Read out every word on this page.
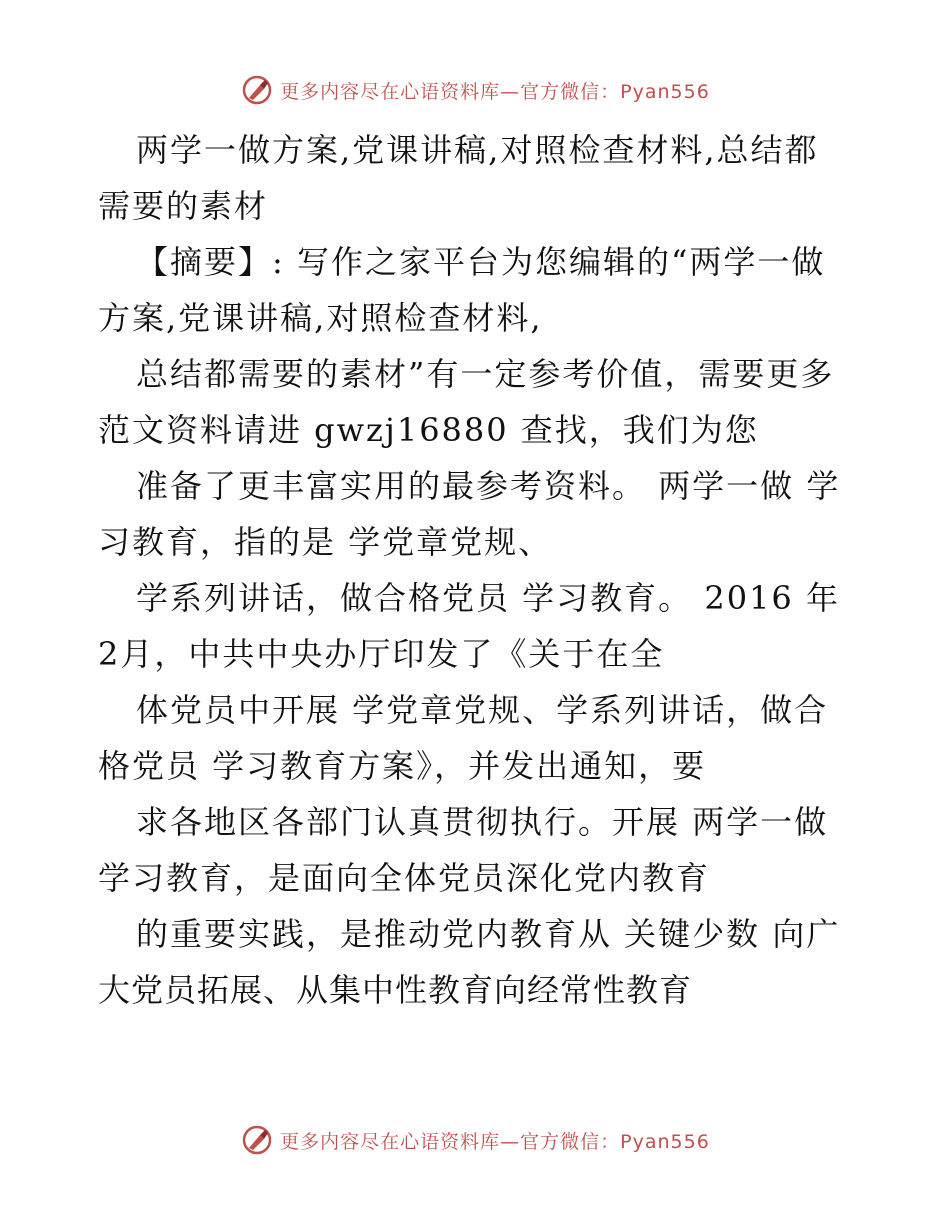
更多内容尽在心语资料库—官方微信：Pyan556
两学一做方案,党课讲稿,对照检查材料,总结都
需要的素材
【摘要】: 写作之家平台为您编辑的“两学一做
方案,党课讲稿,对照检查材料,
总结都需要的素材”有一定参考价值，需要更多
范文资料请进 gwzj16880 查找，我们为您
准备了更丰富实用的最参考资料。 两学一做 学
习教育，指的是 学党章党规、
学系列讲话，做合格党员 学习教育。 2016 年
2月，中共中央办厅印发了《关于在全
体党员中开展 学党章党规、学系列讲话，做合
格党员 学习教育方案》，并发出通知，要
求各地区各部门认真贯彻执行。开展 两学一做
学习教育，是面向全体党员深化党内教育
的重要实践，是推动党内教育从 关键少数 向广
大党员拓展、从集中性教育向经常性教育
更多内容尽在心语资料库—官方微信：Pyan556
